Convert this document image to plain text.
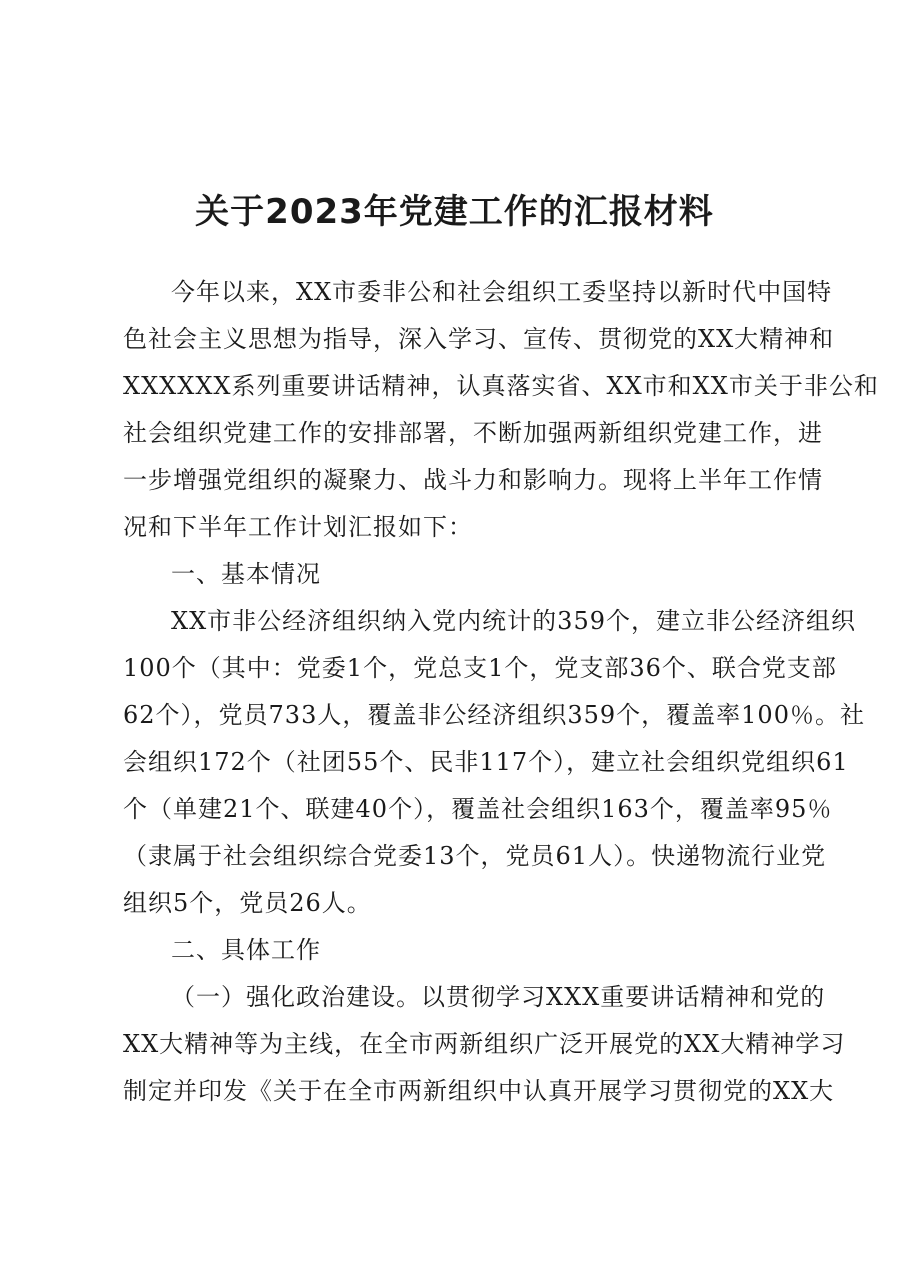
关于2023年党建工作的汇报材料
今年以来，XX市委非公和社会组织工委坚持以新时代中国特
色社会主义思想为指导，深入学习、宣传、贯彻党的XX大精神和
XXXXXX系列重要讲话精神，认真落实省、XX市和XX市关于非公和
社会组织党建工作的安排部署，不断加强两新组织党建工作，进
一步增强党组织的凝聚力、战斗力和影响力。现将上半年工作情
况和下半年工作计划汇报如下：
一、基本情况
XX市非公经济组织纳入党内统计的359个，建立非公经济组织
100个（其中：党委1个，党总支1个，党支部36个、联合党支部
62个），党员733人，覆盖非公经济组织359个，覆盖率100％。社
会组织172个（社团55个、民非117个），建立社会组织党组织61
个（单建21个、联建40个），覆盖社会组织163个，覆盖率95％
（隶属于社会组织综合党委13个，党员61人）。快递物流行业党
组织5个，党员26人。
二、具体工作
（一）强化政治建设。以贯彻学习XXX重要讲话精神和党的
XX大精神等为主线，在全市两新组织广泛开展党的XX大精神学习
制定并印发《关于在全市两新组织中认真开展学习贯彻党的XX大
